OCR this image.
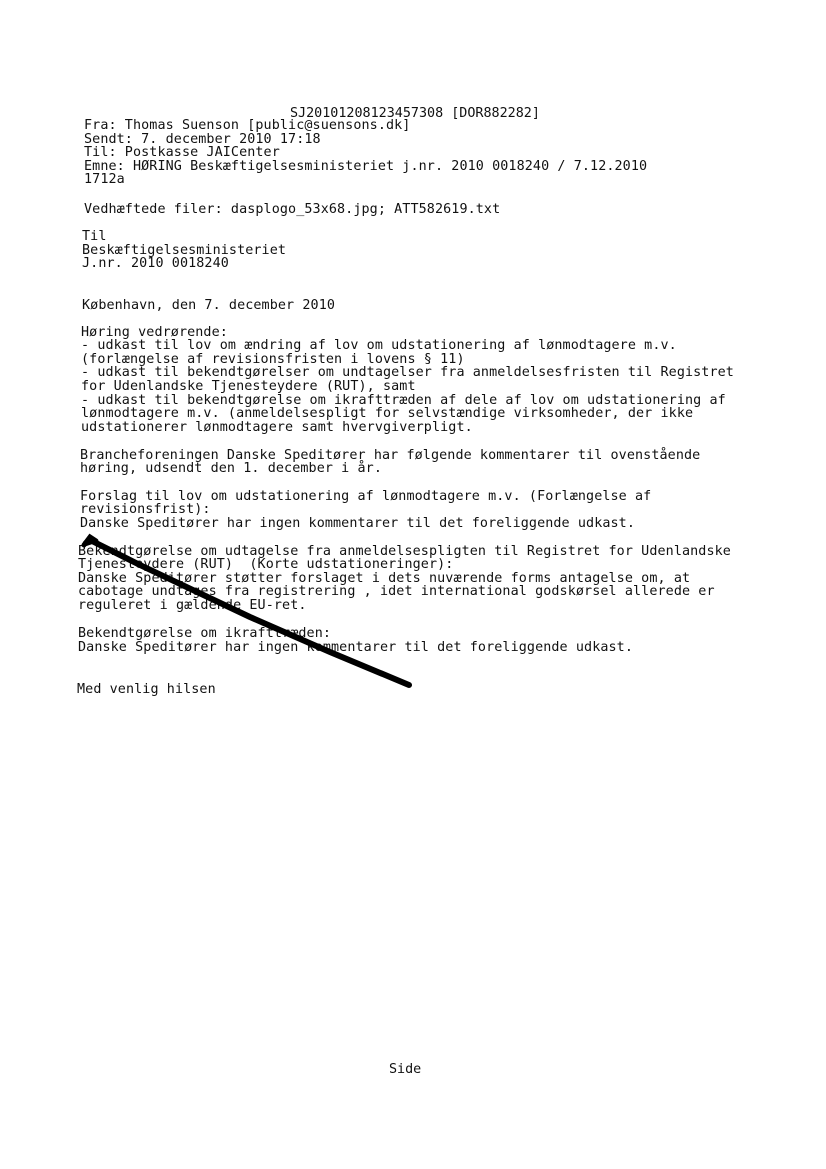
SJ20101208123457308 [DOR882282]
Fra: Thomas Suenson [public@suensons.dk]
Sendt: 7. december 2010 17:18
Til: Postkasse JAICenter
Emne: HØRING Beskæftigelsesministeriet j.nr. 2010 0018240 / 7.12.2010
1712a
Vedhæftede filer: dasplogo_53x68.jpg; ATT582619.txt
Til
Beskæftigelsesministeriet
J.nr. 2010 0018240
København, den 7. december 2010
Høring vedrørende:
- udkast til lov om ændring af lov om udstationering af lønmodtagere m.v.
(forlængelse af revisionsfristen i lovens § 11)
- udkast til bekendtgørelser om undtagelser fra anmeldelsesfristen til Registret
for Udenlandske Tjenesteydere (RUT), samt
- udkast til bekendtgørelse om ikrafttræden af dele af lov om udstationering af
lønmodtagere m.v. (anmeldelsespligt for selvstændige virksomheder, der ikke
udstationerer lønmodtagere samt hvervgiverpligt.
Brancheforeningen Danske Speditører har følgende kommentarer til ovenstående
høring, udsendt den 1. december i år.
Forslag til lov om udstationering af lønmodtagere m.v. (Forlængelse af
revisionsfrist):
Danske Speditører har ingen kommentarer til det foreliggende udkast.
Bekendtgørelse om udtagelse fra anmeldelsespligten til Registret for Udenlandske
Tjenesteydere (RUT)  (Korte udstationeringer):
Danske Speditører støtter forslaget i dets nuværende forms antagelse om, at
cabotage undtages fra registrering , idet international godskørsel allerede er
reguleret i gældende EU-ret.
Bekendtgørelse om ikrafttræden:
Danske Speditører har ingen kommentarer til det foreliggende udkast.
Med venlig hilsen
Side
